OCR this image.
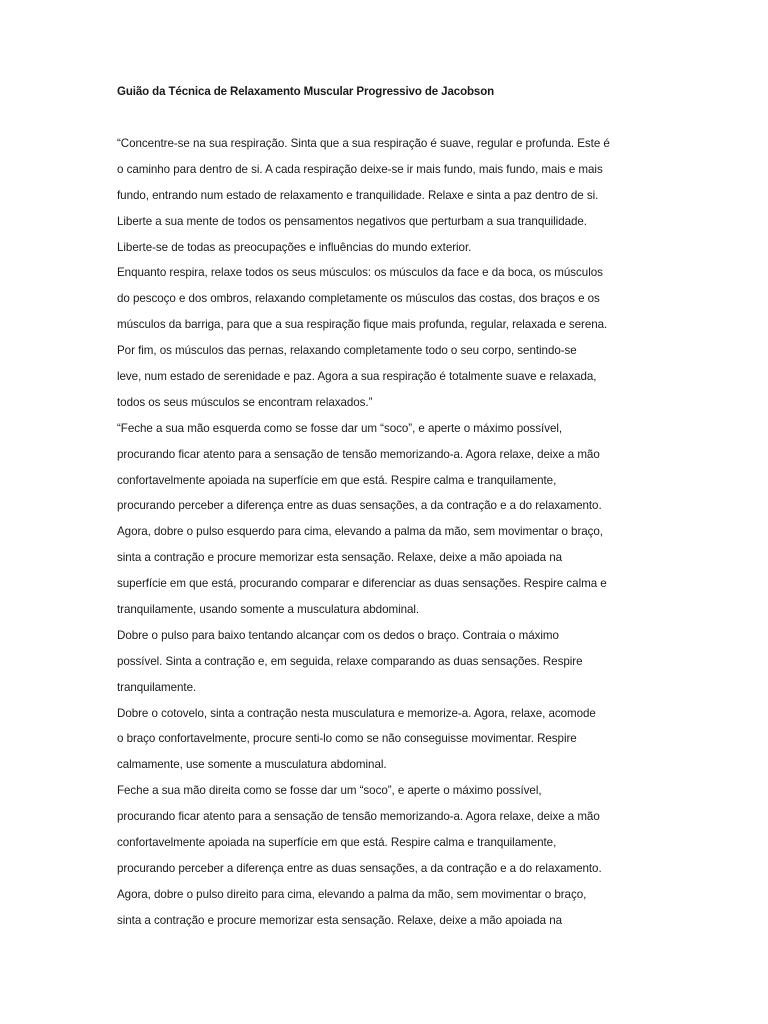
Guião da Técnica de Relaxamento Muscular Progressivo de Jacobson
“Concentre-se na sua respiração. Sinta que a sua respiração é suave, regular e profunda. Este é
o caminho para dentro de si. A cada respiração deixe-se ir mais fundo, mais fundo, mais e mais
fundo, entrando num estado de relaxamento e tranquilidade. Relaxe e sinta a paz dentro de si.
Liberte a sua mente de todos os pensamentos negativos que perturbam a sua tranquilidade.
Liberte-se de todas as preocupações e influências do mundo exterior.
Enquanto respira, relaxe todos os seus músculos: os músculos da face e da boca, os músculos
do pescoço e dos ombros, relaxando completamente os músculos das costas, dos braços e os
músculos da barriga, para que a sua respiração fique mais profunda, regular, relaxada e serena.
Por fim, os músculos das pernas, relaxando completamente todo o seu corpo, sentindo-se
leve, num estado de serenidade e paz. Agora a sua respiração é totalmente suave e relaxada,
todos os seus músculos se encontram relaxados.”
“Feche a sua mão esquerda como se fosse dar um “soco”, e aperte o máximo possível,
procurando ficar atento para a sensação de tensão memorizando-a. Agora relaxe, deixe a mão
confortavelmente apoiada na superfície em que está. Respire calma e tranquilamente,
procurando perceber a diferença entre as duas sensações, a da contração e a do relaxamento.
Agora, dobre o pulso esquerdo para cima, elevando a palma da mão, sem movimentar o braço,
sinta a contração e procure memorizar esta sensação. Relaxe, deixe a mão apoiada na
superfície em que está, procurando comparar e diferenciar as duas sensações. Respire calma e
tranquilamente, usando somente a musculatura abdominal.
Dobre o pulso para baixo tentando alcançar com os dedos o braço. Contraia o máximo
possível. Sinta a contração e, em seguida, relaxe comparando as duas sensações. Respire
tranquilamente.
Dobre o cotovelo, sinta a contração nesta musculatura e memorize-a. Agora, relaxe, acomode
o braço confortavelmente, procure senti-lo como se não conseguisse movimentar. Respire
calmamente, use somente a musculatura abdominal.
Feche a sua mão direita como se fosse dar um “soco”, e aperte o máximo possível,
procurando ficar atento para a sensação de tensão memorizando-a. Agora relaxe, deixe a mão
confortavelmente apoiada na superfície em que está. Respire calma e tranquilamente,
procurando perceber a diferença entre as duas sensações, a da contração e a do relaxamento.
Agora, dobre o pulso direito para cima, elevando a palma da mão, sem movimentar o braço,
sinta a contração e procure memorizar esta sensação. Relaxe, deixe a mão apoiada na
